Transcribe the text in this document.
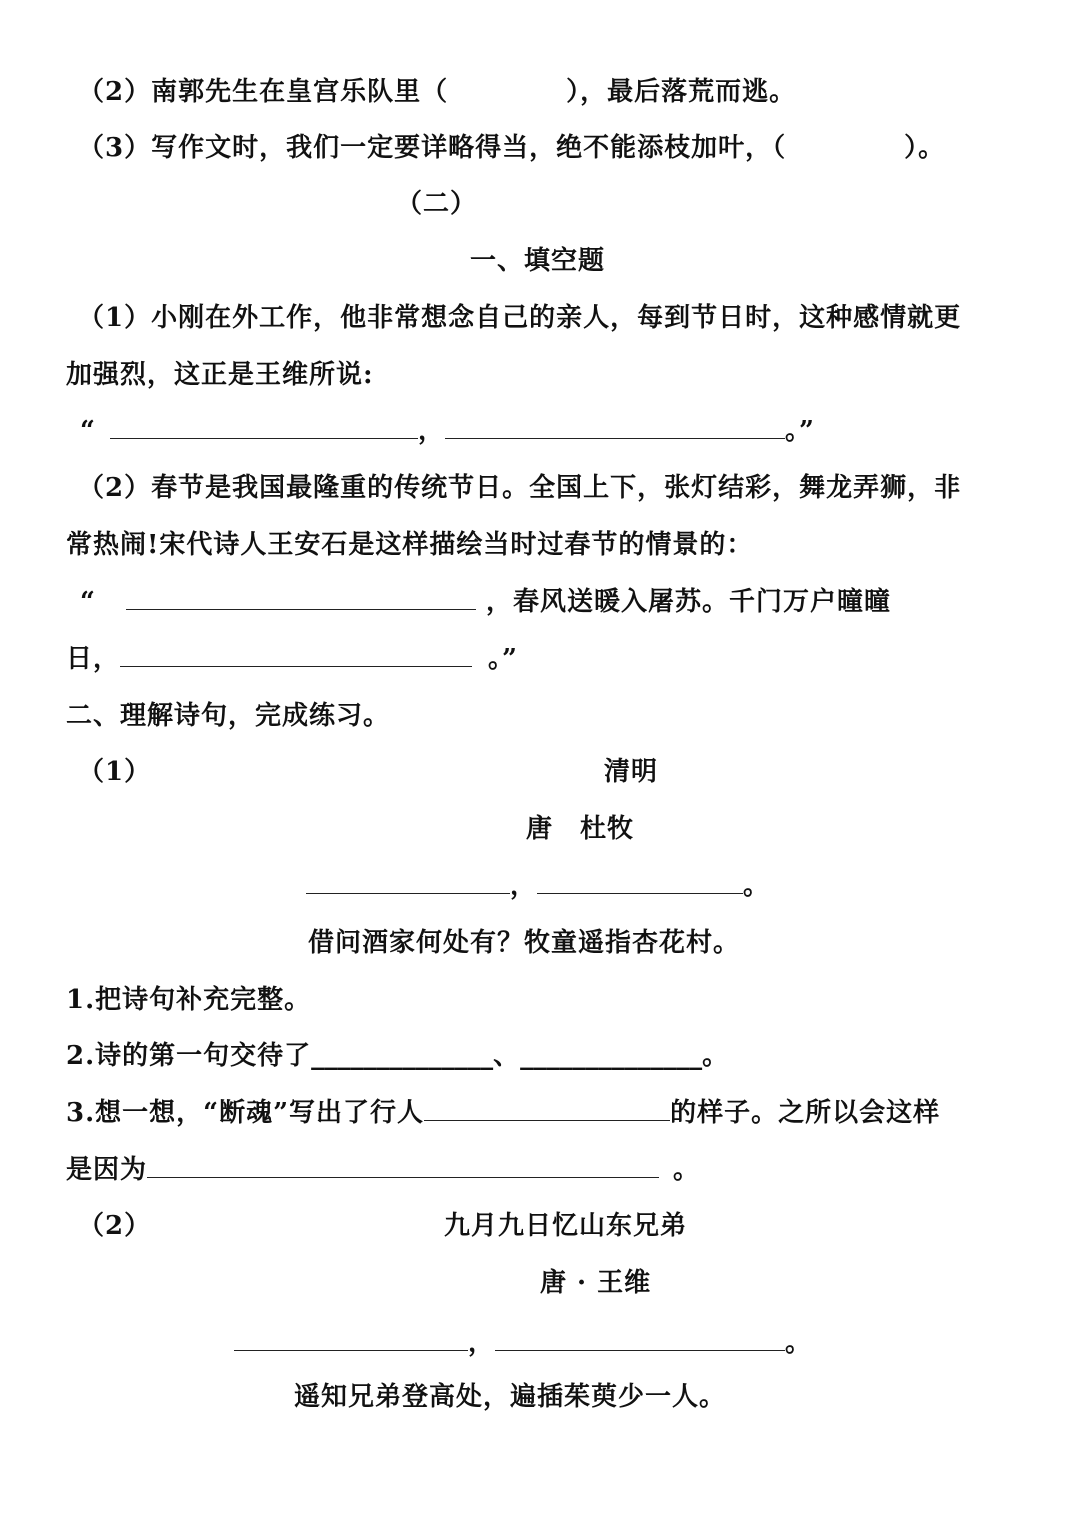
（2）南郭先生在皇宫乐队里（	），最后落荒而逃。
（3）写作文时，我们一定要详略得当，绝不能添枝加叶，（	）。
（二）
一、填空题
（1）小刚在外工作，他非常想念自己的亲人，每到节日时，这种感情就更
加强烈，这正是王维所说:
“	，	。”
（2）春节是我国最隆重的传统节日。全国上下，张灯结彩，舞龙弄狮，非
常热闹!宋代诗人王安石是这样描绘当时过春节的情景的：
“	，春风送暖入屠苏。千门万户曈曈
日，	。”
二、理解诗句，完成练习。
（1）	清明
唐　杜牧
，	。
借问酒家何处有？牧童遥指杏花村。
1.把诗句补充完整。
2.诗的第一句交待了______________、______________。
3.想一想，“断魂”写出了行人	的样子。之所以会这样
是因为	。
（2）	九月九日忆山东兄弟
唐 · 王维
，	。
遥知兄弟登高处，遍插茱萸少一人。
